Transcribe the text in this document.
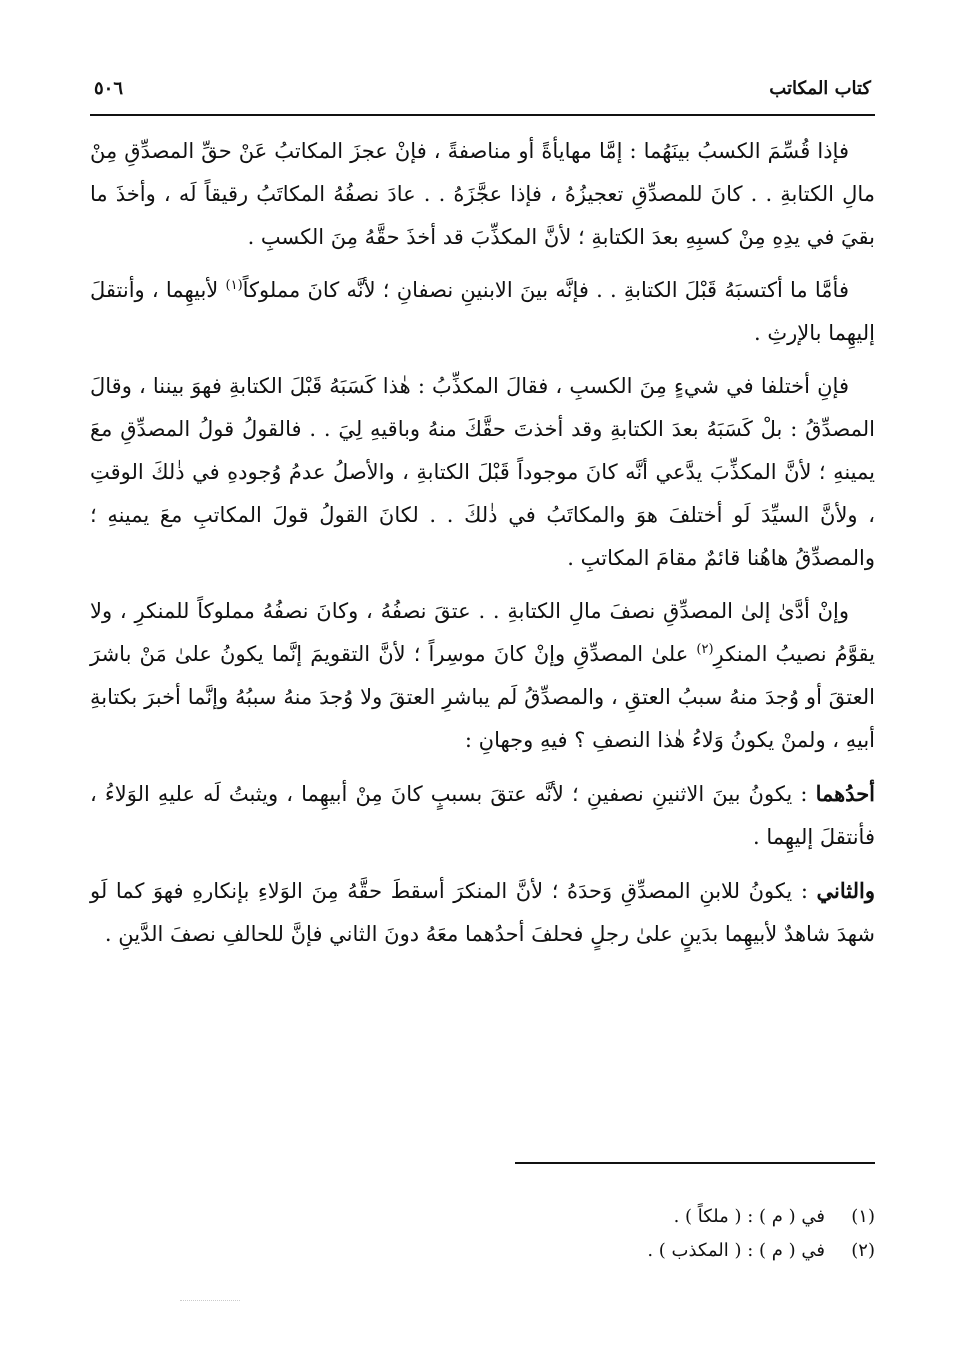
كتاب المكاتب
٥٠٦

فإذا قُسِّمَ الكسبُ بينَهُما : إمَّا مهايأةً أو مناصفةً ، فإنْ عجزَ المكاتبُ عَنْ حقِّ المصدِّقِ مِنْ مالِ الكتابةِ . . كانَ للمصدِّقِ تعجيزُهُ ، فإذا عجَّزَهُ . . عادَ نصفُهُ المكاتَبُ رقيقاً لَه ، وأخذَ ما بقيَ في يدِهِ مِنْ كسبِهِ بعدَ الكتابةِ ؛ لأنَّ المكذِّبَ قد أخذَ حقَّهُ مِنَ الكسبِ .

فأمَّا ما أكتسبَهُ قَبْلَ الكتابةِ . . فإنَّه بينَ الابنينِ نصفانِ ؛ لأنَّه كانَ مملوكاً$^{(١)}$ لأبيهِما ، وأنتقلَ إليهِما بالإرثِ .

فإنِ أختلفا في شيءٍ مِنَ الكسبِ ، فقالَ المكذِّبُ : هٰذا كَسَبَهُ قَبْلَ الكتابةِ فهوَ بيننا ، وقالَ المصدِّقُ : بلْ كَسَبَهُ بعدَ الكتابةِ وقد أخذتَ حقَّكَ منهُ وباقيهِ لِيَ . . فالقولُ قولُ المصدِّقِ معَ يمينهِ ؛ لأنَّ المكذِّبَ يدَّعي أنَّه كانَ موجوداً قَبْلَ الكتابةِ ، والأصلُ عدمُ وُجودهِ في ذٰلكَ الوقتِ ، ولأنَّ السيِّدَ لَو أختلفَ هوَ والمكاتَبُ في ذٰلكَ . . لكانَ القولُ قولَ المكاتبِ معَ يمينهِ ؛ والمصدِّقُ هاهُنا قائمٌ مقامَ المكاتبِ .

وإنْ أدَّىٰ إلىٰ المصدِّقِ نصفَ مالِ الكتابةِ . . عتقَ نصفُهُ ، وكانَ نصفُهُ مملوكاً للمنكرِ ، ولا يقوَّمُ نصيبُ المنكرِ$^{(٢)}$ علىٰ المصدِّقِ وإنْ كانَ موسِراً ؛ لأنَّ التقويمَ إنَّما يكونُ علىٰ مَنْ باشرَ العتقَ أو وُجدَ منهُ سببُ العتقِ ، والمصدِّقُ لَم يباشرِ العتقَ ولا وُجدَ منهُ سببُهُ وإنَّما أخبرَ بكتابةِ أبيهِ ، ولمنْ يكونُ وَلاءُ هٰذا النصفِ ؟ فيهِ وجهانِ :

أحدُهما : يكونُ بينَ الاثنينِ نصفينِ ؛ لأنَّه عتقَ بسببٍ كانَ مِنْ أبيهِما ، ويثبتُ لَه عليهِ الوَلاءُ ، فأنتقلَ إليهِما .

والثاني : يكونُ للابنِ المصدِّقِ وَحدَهُ ؛ لأنَّ المنكرَ أسقطَ حقَّهُ مِنَ الوَلاءِ بإنكارهِ فهوَ كما لَو شهدَ شاهدٌ لأبيهِما بدَينٍ علىٰ رجلٍ فحلفَ أحدُهما معَهُ دونَ الثاني فإنَّ للحالفِ نصفَ الدَّينِ .

(١)
في ( م ) : ( ملكاً ) .
(٢)
في ( م ) : ( المكذب ) .
